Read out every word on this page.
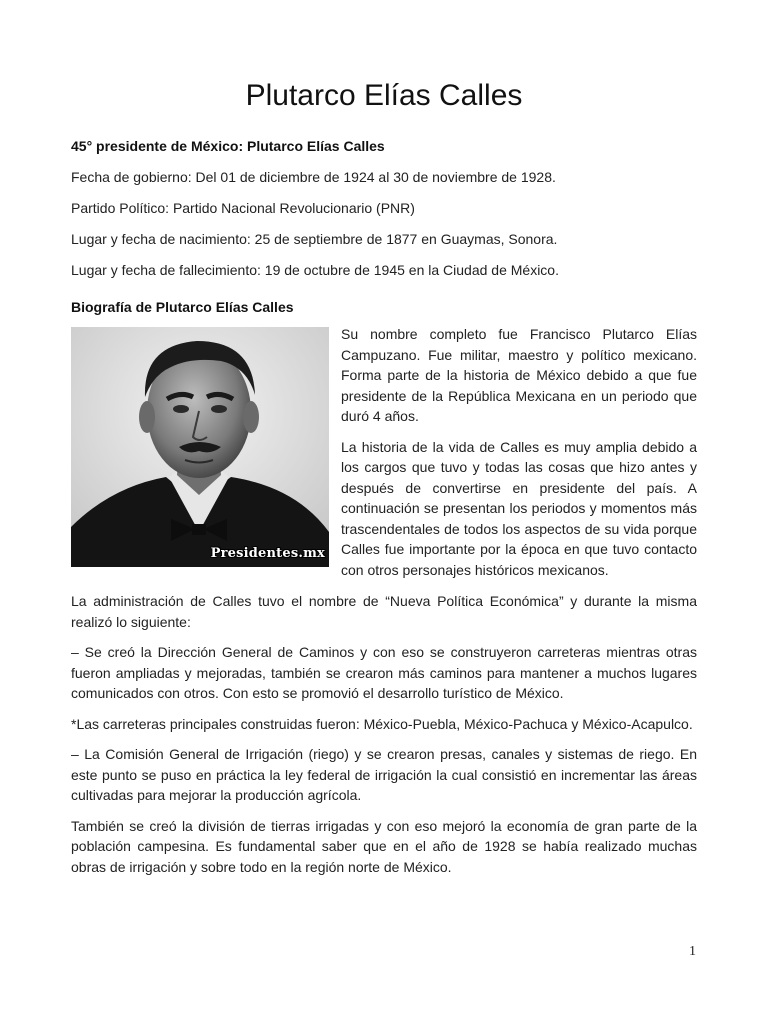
Plutarco Elías Calles

45° presidente de México: Plutarco Elías Calles

Fecha de gobierno: Del 01 de diciembre de 1924 al 30 de noviembre de 1928.

Partido Político: Partido Nacional Revolucionario (PNR)

Lugar y fecha de nacimiento: 25 de septiembre de 1877 en Guaymas, Sonora.

Lugar y fecha de fallecimiento: 19 de octubre de 1945 en la Ciudad de México.

Biografía de Plutarco Elías Calles

Presidentes.mx

Su nombre completo fue Francisco Plutarco Elías Campuzano. Fue militar, maestro y político mexicano. Forma parte de la historia de México debido a que fue presidente de la República Mexicana en un periodo que duró 4 años.

La historia de la vida de Calles es muy amplia debido a los cargos que tuvo y todas las cosas que hizo antes y después de convertirse en presidente del país. A continuación se presentan los periodos y momentos más trascendentales de todos los aspectos de su vida porque Calles fue importante por la época en que tuvo contacto con otros personajes históricos mexicanos.

La administración de Calles tuvo el nombre de “Nueva Política Económica” y durante la misma realizó lo siguiente:

– Se creó la Dirección General de Caminos y con eso se construyeron carreteras mientras otras fueron ampliadas y mejoradas, también se crearon más caminos para mantener a muchos lugares comunicados con otros. Con esto se promovió el desarrollo turístico de México.

*Las carreteras principales construidas fueron: México-Puebla, México-Pachuca y México-Acapulco.

– La Comisión General de Irrigación (riego) y se crearon presas, canales y sistemas de riego. En este punto se puso en práctica la ley federal de irrigación la cual consistió en incrementar las áreas cultivadas para mejorar la producción agrícola.

También se creó la división de tierras irrigadas y con eso mejoró la economía de gran parte de la población campesina. Es fundamental saber que en el año de 1928 se había realizado muchas obras de irrigación y sobre todo en la región norte de México.

1
